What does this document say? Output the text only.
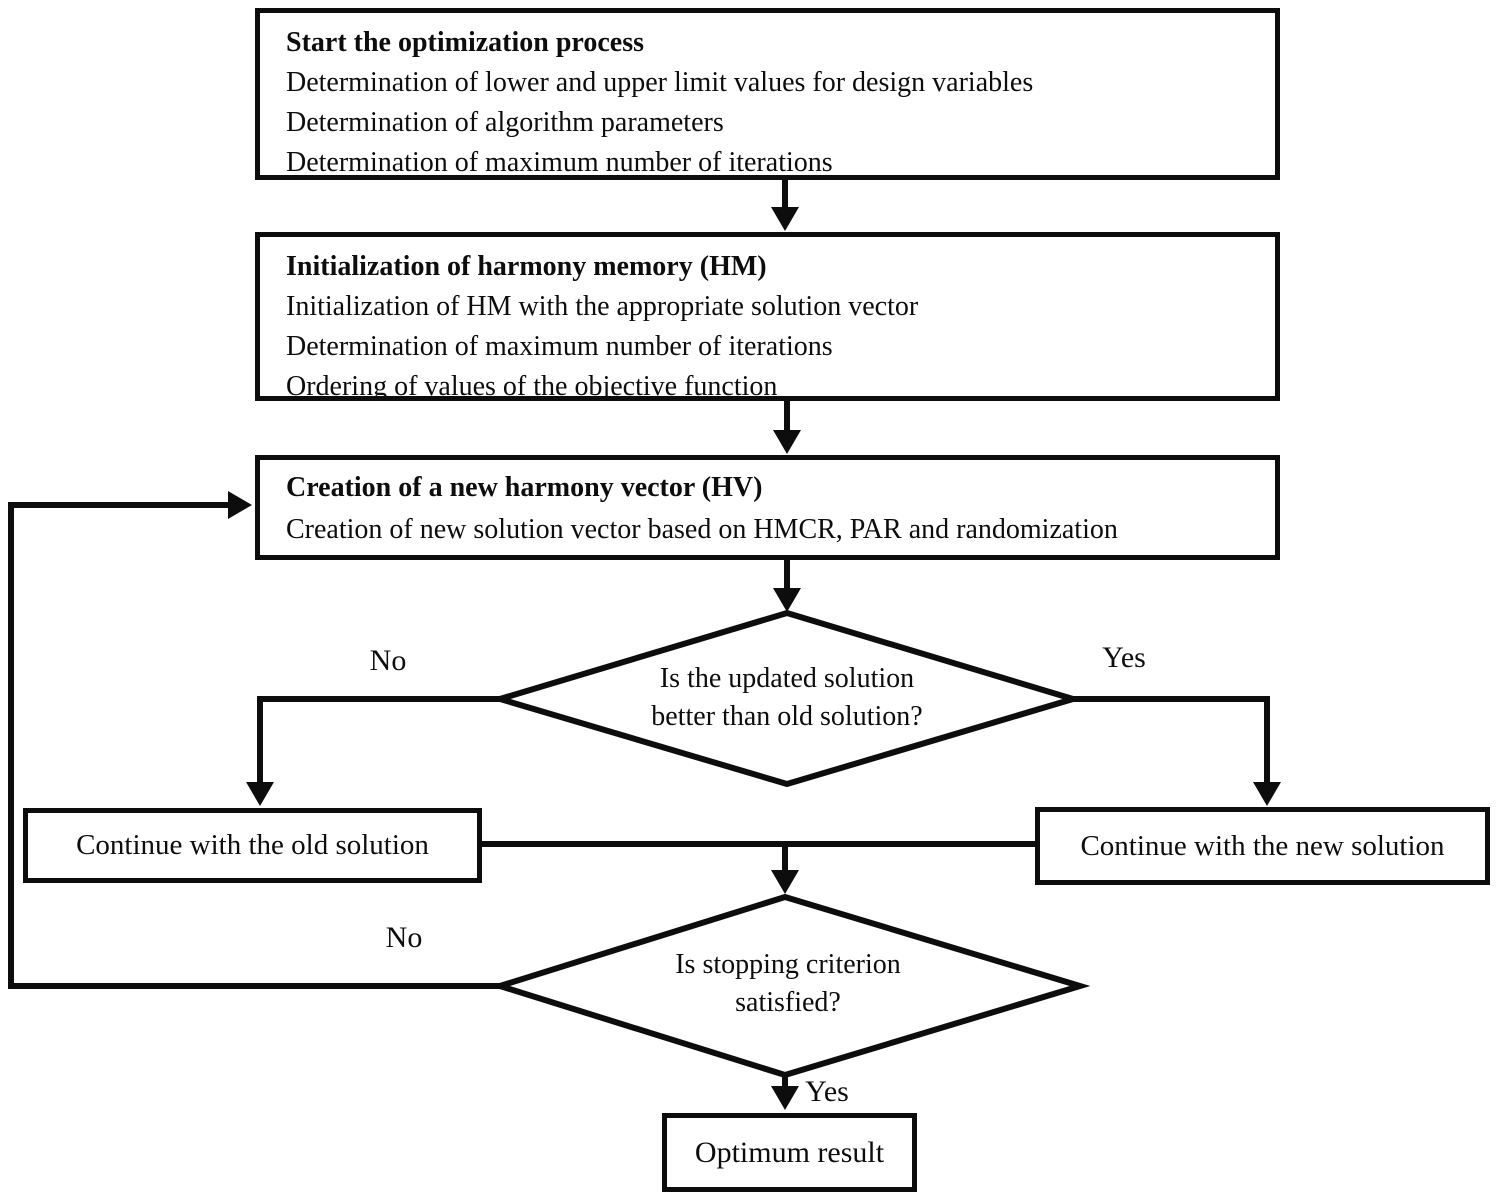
Start the optimization process
Determination of lower and upper limit values for design variables
Determination of algorithm parameters
Determination of maximum number of iterations
Initialization of harmony memory (HM)
Initialization of HM with the appropriate solution vector
Determination of maximum number of iterations
Ordering of values of the objective function
Creation of a new harmony vector (HV)
Creation of new solution vector based on HMCR, PAR and randomization
Is the updated solution
better than old solution?
No	Yes
Continue with the old solution	Continue with the new solution
Is stopping criterion
satisfied?
No
Yes
Optimum result
